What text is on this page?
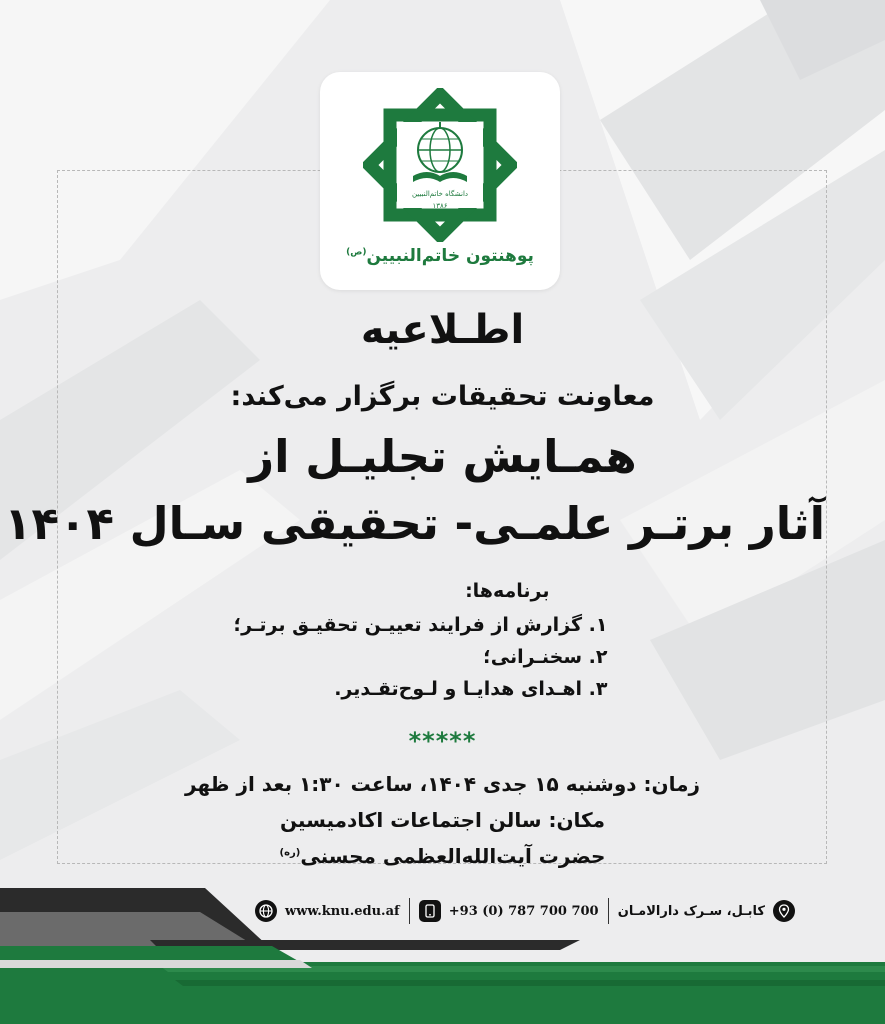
دانشگاه خاتم‌النبیین
۱۳۸۶
پوهنتون خاتم‌النبیین$^{(ص)}$
اطـلاعیه
معاونت تحقیقات برگزار می‌کند:
همـایش تجلیـل از
آثار برتـر علمـی- تحقیقی سـال ۱۴۰۴
برنامه‌ها:
۱. گزارش از فرایند تعییـن تحقیـق برتـر؛
۲. سخنـرانی؛
۳. اهـدای هدایـا و لـوح‌تقـدیر.
*****
زمان: دوشنبه ۱۵ جدی ۱۴۰۴، ساعت ۱:۳۰ بعد از ظهر
مکان: سالن اجتماعات اکادمیسین
حضرت آیت‌الله‌العظمی محسنی$^{(ره)}$
www.knu.edu.af	+93 (0) 787 700 700 کابـل، سـرک دارالامـان
